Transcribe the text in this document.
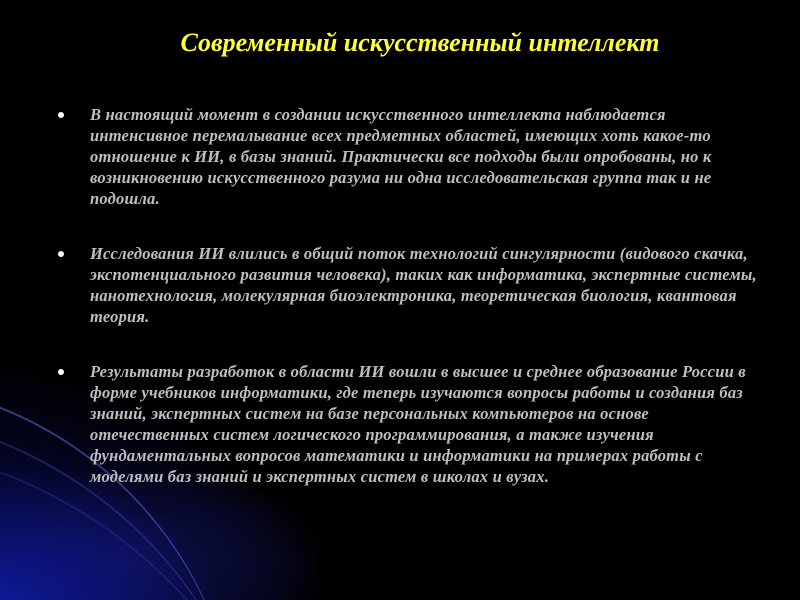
Современный искусственный интеллект
В настоящий момент в создании искусственного интеллекта наблюдается интенсивное перемалывание всех предметных областей, имеющих хоть какое-то отношение к ИИ, в базы знаний. Практически все подходы были опробованы, но к возникновению искусственного разума ни одна исследовательская группа так и не подошла.
Исследования ИИ влились в общий поток технологий сингулярности (видового скачка, экспотенциального развития человека), таких как информатика, экспертные системы, нанотехнология, молекулярная биоэлектроника, теоретическая биология, квантовая теория.
Результаты разработок в области ИИ вошли в высшее и среднее образование России в форме учебников информатики, где теперь изучаются вопросы работы и создания баз знаний, экспертных систем на базе персональных компьютеров на основе отечественных систем логического программирования, а также изучения фундаментальных вопросов математики и информатики на примерах работы с моделями баз знаний и экспертных систем в школах и вузах.
